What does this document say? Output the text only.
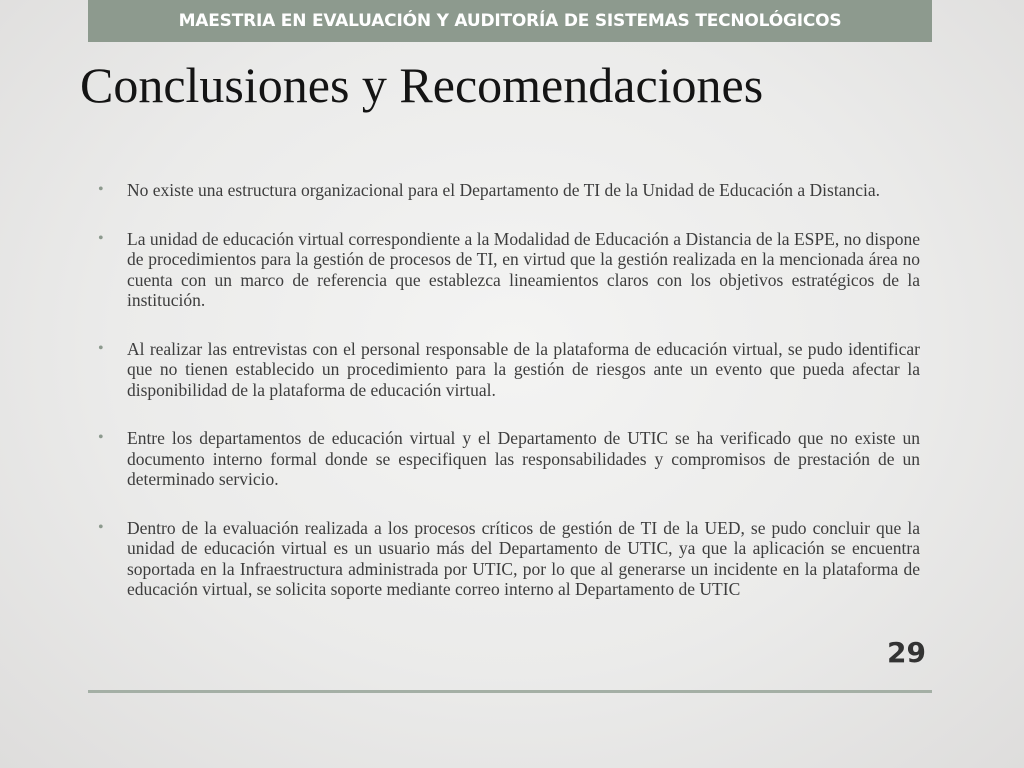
MAESTRIA EN EVALUACIÓN Y AUDITORÍA DE SISTEMAS TECNOLÓGICOS
Conclusiones y Recomendaciones
• No existe una estructura organizacional para el Departamento de TI de la Unidad de Educación a Distancia.
• La unidad de educación virtual correspondiente a la Modalidad de Educación a Distancia de la ESPE, no dispone de procedimientos para la gestión de procesos de TI, en virtud que la gestión realizada en la mencionada área no cuenta con un marco de referencia que establezca lineamientos claros con los objetivos estratégicos de la institución.
• Al realizar las entrevistas con el personal responsable de la plataforma de educación virtual, se pudo identificar que no tienen establecido un procedimiento para la gestión de riesgos ante un evento que pueda afectar la disponibilidad de la plataforma de educación virtual.
• Entre los departamentos de educación virtual y el Departamento de UTIC se ha verificado que no existe un documento interno formal donde se especifiquen las responsabilidades y compromisos de prestación de un determinado servicio.
• Dentro de la evaluación realizada a los procesos críticos de gestión de TI de la UED, se pudo concluir que la unidad de educación virtual es un usuario más del Departamento de UTIC, ya que la aplicación se encuentra soportada en la Infraestructura administrada por UTIC, por lo que al generarse un incidente en la plataforma de educación virtual, se solicita soporte mediante correo interno al Departamento de UTIC
29
